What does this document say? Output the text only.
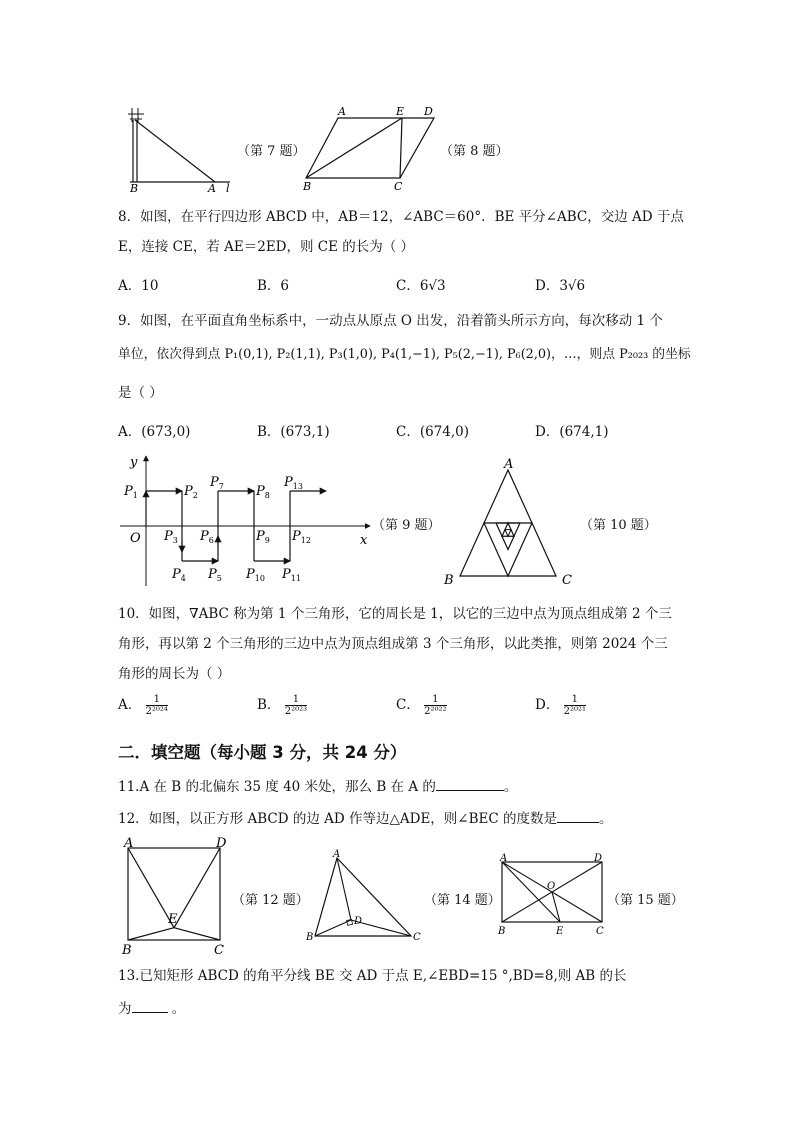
B	A l
（第 7 题）
A	E D
B	C
（第 8 题）
8．如图，在平行四边形 ABCD 中，AB＝12，∠ABC＝60°．BE 平分∠ABC，交边 AD 于点
E，连接 CE，若 AE＝2ED，则 CE 的长为（ ）
A．10	B．6	C．6√3	D．3√6
9．如图，在平面直角坐标系中，一动点从原点 O 出发，沿着箭头所示方向，每次移动 1 个
单位，依次得到点 P₁(0,1), P₂(1,1), P₃(1,0), P₄(1,−1), P₅(2,−1), P₆(2,0)，…，则点 P₂₀₂₃ 的坐标
是（ ）
A．(673,0)	B．(673,1)	C．(674,0)	D．(674,1)
y
x
O
$P_1$	$P_2$
$P_3$
$P_4$ $P_5$
$P_6$
$P_7$ $P_8$
$P_9$
$P_{10}$ $P_{11}$
$P_{12}$
$P_{13}$
（第 9 题）
A
B	C
（第 10 题）
10．如图，∇ABC 称为第 1 个三角形，它的周长是 1，以它的三边中点为顶点组成第 2 个三
角形，再以第 2 个三角形的三边中点为顶点组成第 3 个三角形，以此类推，则第 2024 个三
角形的周长为（ ）
A． $\frac{1}{\text{2²⁰²⁴}}$	B． $\frac{1}{\text{2²⁰²³}}$	C． $\frac{1}{\text{2²⁰²²}}$	D． $\frac{1}{\text{2²⁰²¹}}$
二．填空题（每小题 3 分，共 24 分）
11.A 在 B 的北偏东 35 度 40 米处，那么 B 在 A 的	。
12．如图，以正方形 ABCD 的边 AD 作等边△ADE，则∠BEC 的度数是	。
A	D
E
B	C
（第 12 题）
A
D
B	C
（第 14 题）
A	D
O
B	E	C
（第 15 题）
13.已知矩形 ABCD 的角平分线 BE 交 AD 于点 E,∠EBD=15 °,BD=8,则 AB 的长
为	。
